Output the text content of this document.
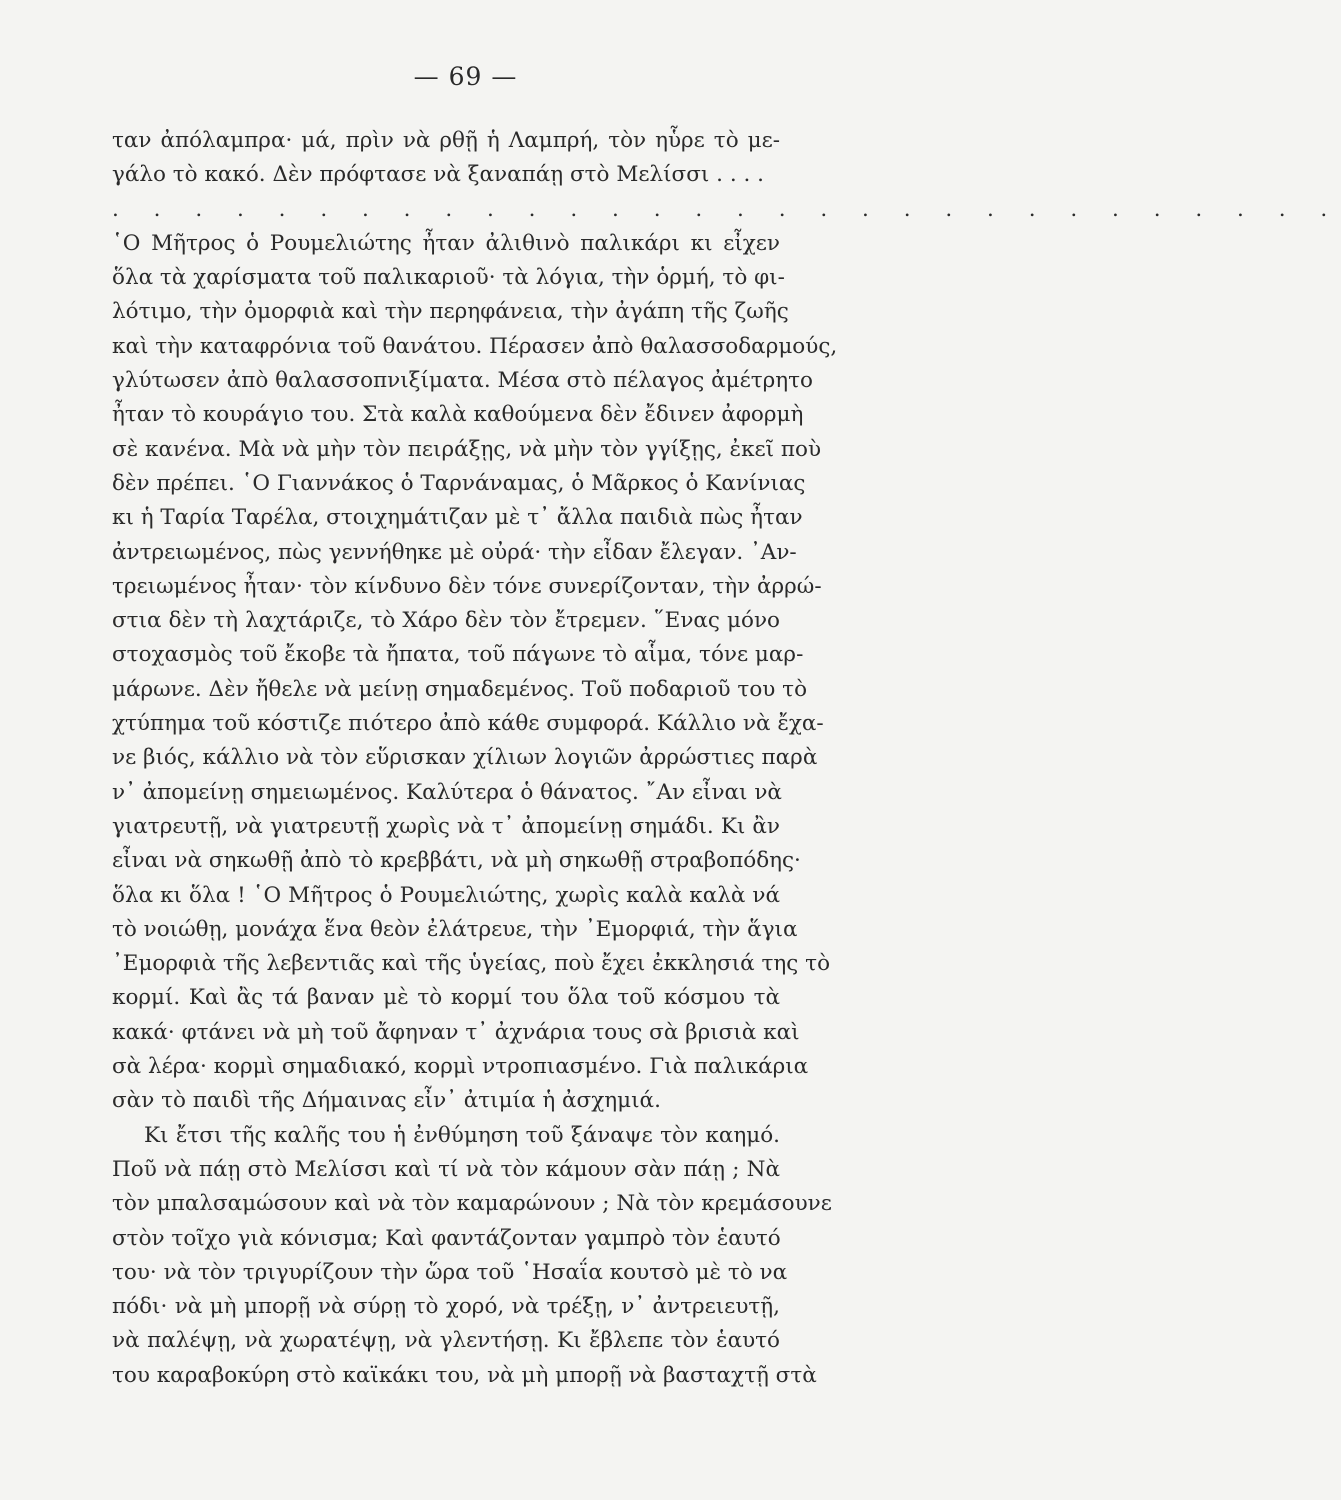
— 69 —
ταν ἀπόλαμπρα· μά, πρὶν νὰ ρθῇ ἡ Λαμπρή, τὸν ηὗρε τὸ με-
γάλο τὸ κακό. Δὲν πρόφτασε νὰ ξαναπάῃ στὸ Μελίσσι . . . .
. . . . . . . . . . . . . . . . . . . . . . . . . . . . . .
῾Ο Μῆτρος ὁ Ρουμελιώτης ἦταν ἀλιθινὸ παλικάρι κι εἶχεν
ὅλα τὰ χαρίσματα τοῦ παλικαριοῦ· τὰ λόγια, τὴν ὁρμή, τὸ φι-
λότιμο, τὴν ὀμορφιὰ καὶ τὴν περηφάνεια, τὴν ἀγάπη τῆς ζωῆς
καὶ τὴν καταφρόνια τοῦ θανάτου. Πέρασεν ἀπὸ θαλασσοδαρμούς,
γλύτωσεν ἀπὸ θαλασσοπνιξίματα. Μέσα στὸ πέλαγος ἀμέτρητο
ἦταν τὸ κουράγιο του. Στὰ καλὰ καθούμενα δὲν ἔδινεν ἀφορμὴ
σὲ κανένα. Μὰ νὰ μὴν τὸν πειράξῃς, νὰ μὴν τὸν γγίξῃς, ἐκεῖ ποὺ
δὲν πρέπει. ῾Ο Γιαννάκος ὁ Ταρνάναμας, ὁ Μᾶρκος ὁ Κανίνιας
κι ἡ Ταρία Ταρέλα, στοιχημάτιζαν μὲ τ᾽ ἄλλα παιδιὰ πὼς ἦταν
ἀντρειωμένος, πὼς γεννήθηκε μὲ οὐρά· τὴν εἶδαν ἔλεγαν. ᾽Αν-
τρειωμένος ἦταν· τὸν κίνδυνο δὲν τόνε συνερίζονταν, τὴν ἀρρώ-
στια δὲν τὴ λαχτάριζε, τὸ Χάρο δὲν τὸν ἔτρεμεν. ῞Ενας μόνο
στοχασμὸς τοῦ ἔκοβε τὰ ἤπατα, τοῦ πάγωνε τὸ αἷμα, τόνε μαρ-
μάρωνε. Δὲν ἤθελε νὰ μείνῃ σημαδεμένος. Τοῦ ποδαριοῦ του τὸ
χτύπημα τοῦ κόστιζε πιότερο ἀπὸ κάθε συμφορά. Κάλλιο νὰ ἔχα-
νε βιός, κάλλιο νὰ τὸν εὕρισκαν χίλιων λογιῶν ἀρρώστιες παρὰ
ν᾽ ἀπομείνῃ σημειωμένος. Καλύτερα ὁ θάνατος. ῎Αν εἶναι νὰ
γιατρευτῇ, νὰ γιατρευτῇ χωρὶς νὰ τ᾽ ἀπομείνῃ σημάδι. Κι ἂν
εἶναι νὰ σηκωθῇ ἀπὸ τὸ κρεββάτι, νὰ μὴ σηκωθῇ στραβοπόδης·
ὅλα κι ὅλα ! ῾Ο Μῆτρος ὁ Ρουμελιώτης, χωρὶς καλὰ καλὰ νά
τὸ νοιώθῃ, μονάχα ἕνα θεὸν ἐλάτρευε, τὴν ᾽Εμορφιά, τὴν ἅγια
᾽Εμορφιὰ τῆς λεβεντιᾶς καὶ τῆς ὑγείας, ποὺ ἔχει ἐκκλησιά της τὸ
κορμί. Καὶ ἂς τά βαναν μὲ τὸ κορμί του ὅλα τοῦ κόσμου τὰ
κακά· φτάνει νὰ μὴ τοῦ ἄφηναν τ᾽ ἀχνάρια τους σὰ βρισιὰ καὶ
σὰ λέρα· κορμὶ σημαδιακό, κορμὶ ντροπιασμένο. Γιὰ παλικάρια
σὰν τὸ παιδὶ τῆς Δήμαινας εἶν᾽ ἀτιμία ἡ ἀσχημιά.
Κι ἔτσι τῆς καλῆς του ἡ ἐνθύμηση τοῦ ξάναψε τὸν καημό.
Ποῦ νὰ πάῃ στὸ Μελίσσι καὶ τί νὰ τὸν κάμουν σὰν πάῃ ; Νὰ
τὸν μπαλσαμώσουν καὶ νὰ τὸν καμαρώνουν ; Νὰ τὸν κρεμάσουνε
στὸν τοῖχο γιὰ κόνισμα; Καὶ φαντάζονταν γαμπρὸ τὸν ἑαυτό
του· νὰ τὸν τριγυρίζουν τὴν ὥρα τοῦ ῾Ησαΐα κουτσὸ μὲ τὸ να
πόδι· νὰ μὴ μπορῇ νὰ σύρῃ τὸ χορό, νὰ τρέξῃ, ν᾽ ἀντρειευτῇ,
νὰ παλέψῃ, νὰ χωρατέψῃ, νὰ γλεντήσῃ. Κι ἔβλεπε τὸν ἑαυτό
του καραβοκύρη στὸ καϊκάκι του, νὰ μὴ μπορῇ νὰ βασταχτῇ στὰ
